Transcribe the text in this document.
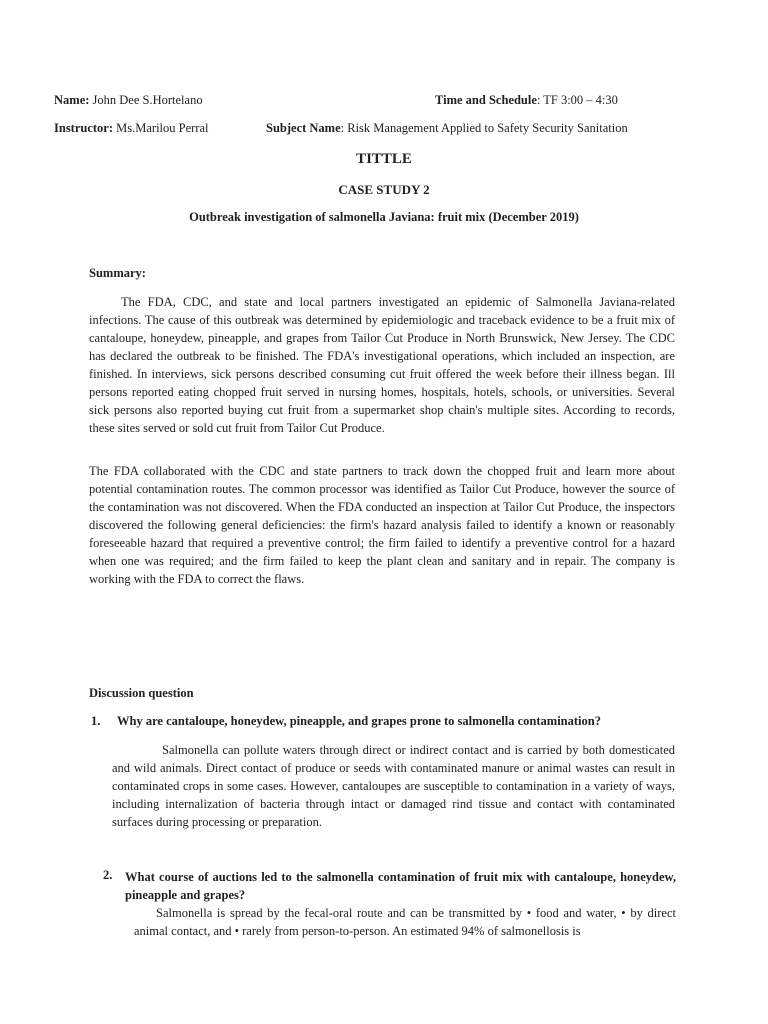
Name: John Dee S.Hortelano	Time and Schedule: TF 3:00 – 4:30
Instructor: Ms.Marilou Perral	Subject Name: Risk Management Applied to Safety Security Sanitation
TITTLE
CASE STUDY 2
Outbreak investigation of salmonella Javiana: fruit mix (December 2019)
Summary:
The FDA, CDC, and state and local partners investigated an epidemic of Salmonella Javiana-related infections. The cause of this outbreak was determined by epidemiologic and traceback evidence to be a fruit mix of cantaloupe, honeydew, pineapple, and grapes from Tailor Cut Produce in North Brunswick, New Jersey. The CDC has declared the outbreak to be finished. The FDA's investigational operations, which included an inspection, are finished. In interviews, sick persons described consuming cut fruit offered the week before their illness began. Ill persons reported eating chopped fruit served in nursing homes, hospitals, hotels, schools, or universities. Several sick persons also reported buying cut fruit from a supermarket shop chain's multiple sites. According to records, these sites served or sold cut fruit from Tailor Cut Produce.
The FDA collaborated with the CDC and state partners to track down the chopped fruit and learn more about potential contamination routes. The common processor was identified as Tailor Cut Produce, however the source of the contamination was not discovered. When the FDA conducted an inspection at Tailor Cut Produce, the inspectors discovered the following general deficiencies: the firm's hazard analysis failed to identify a known or reasonably foreseeable hazard that required a preventive control; the firm failed to identify a preventive control for a hazard when one was required; and the firm failed to keep the plant clean and sanitary and in repair. The company is working with the FDA to correct the flaws.
Discussion question
1. Why are cantaloupe, honeydew, pineapple, and grapes prone to salmonella contamination?
Salmonella can pollute waters through direct or indirect contact and is carried by both domesticated and wild animals. Direct contact of produce or seeds with contaminated manure or animal wastes can result in contaminated crops in some cases. However, cantaloupes are susceptible to contamination in a variety of ways, including internalization of bacteria through intact or damaged rind tissue and contact with contaminated surfaces during processing or preparation.
2. What course of auctions led to the salmonella contamination of fruit mix with cantaloupe, honeydew, pineapple and grapes?
Salmonella is spread by the fecal-oral route and can be transmitted by • food and water, • by direct animal contact, and • rarely from person-to-person. An estimated 94% of salmonellosis is
